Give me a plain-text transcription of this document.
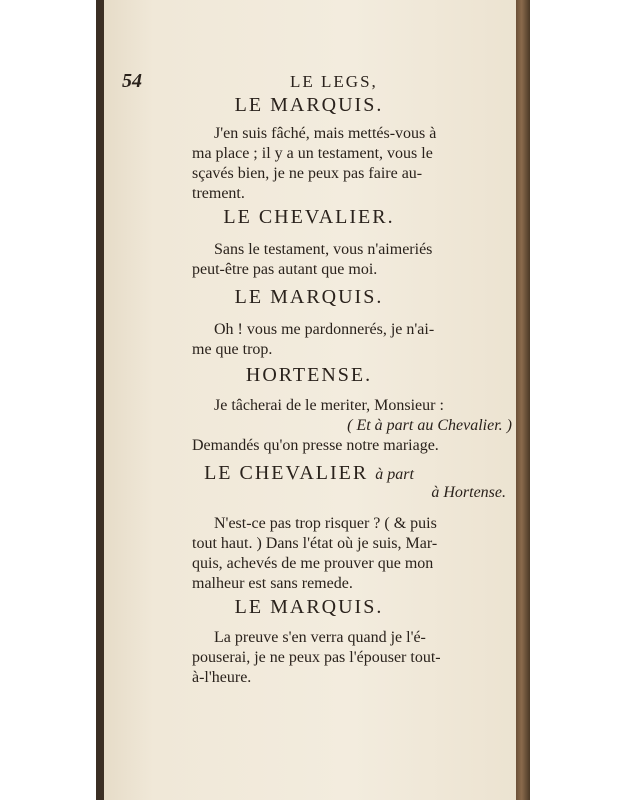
54	LE LEGS,
LE MARQUIS.

J'en suis fâché, mais mettés-vous à
ma place ; il y a un testament, vous le
sçavés bien, je ne peux pas faire au-
trement.

LE CHEVALIER.

Sans le testament, vous n'aimeriés
peut-être pas autant que moi.

LE MARQUIS.

Oh ! vous me pardonnerés, je n'ai-
me que trop.

HORTENSE.

Je tâcherai de le meriter, Monsieur :
( Et à part au Chevalier. )
Demandés qu'on presse notre mariage.

LE CHEVALIER à part
à Hortense.

N'est-ce pas trop risquer ? ( & puis
tout haut. ) Dans l'état où je suis, Mar-
quis, achevés de me prouver que mon
malheur est sans remede.

LE MARQUIS.

La preuve s'en verra quand je l'é-
pouserai, je ne peux pas l'épouser tout-
à-l'heure.
